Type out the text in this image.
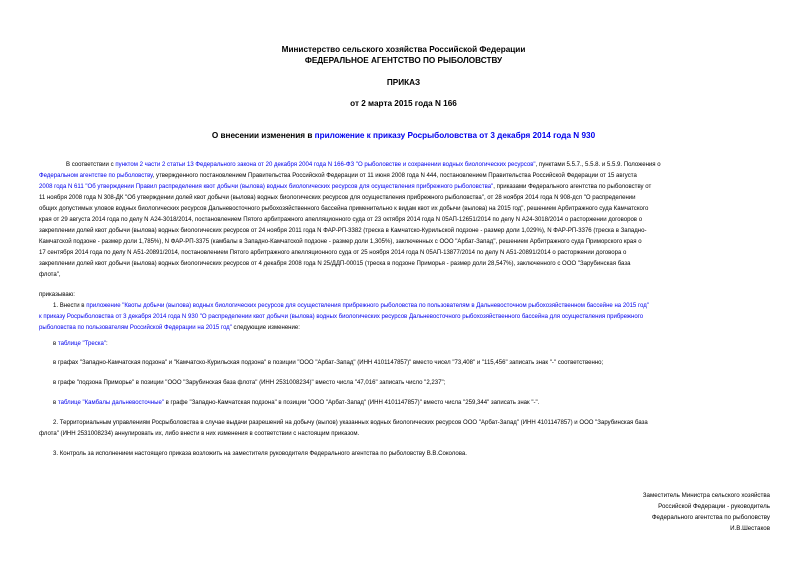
Министерство сельского хозяйства Российской Федерации
ФЕДЕРАЛЬНОЕ АГЕНТСТВО ПО РЫБОЛОВСТВУ
ПРИКАЗ
от 2 марта 2015 года N 166
О внесении изменения в приложение к приказу Росрыболовства от 3 декабря 2014 года N 930
В соответствии с пунктом 2 части 2 статьи 13 Федерального закона от 20 декабря 2004 года N 166-ФЗ "О рыболовстве и сохранении водных биологических ресурсов", пунктами 5.5.7., 5.5.8. и 5.5.9. Положения о
Федеральном агентстве по рыболовству, утвержденного постановлением Правительства Российской Федерации от 11 июня 2008 года N 444, постановлением Правительства Российской Федерации от 15 августа
2008 года N 611 "Об утверждении Правил распределения квот добычи (вылова) водных биологических ресурсов для осуществления прибрежного рыболовства", приказами Федерального агентства по рыболовству от
11 ноября 2008 года N 308-ДК "Об утверждении долей квот добычи (вылова) водных биологических ресурсов для осуществления прибрежного рыболовства", от 28 ноября 2014 года N 908-дсп "О распределении
общих допустимых уловов водных биологических ресурсов Дальневосточного рыбохозяйственного бассейна применительно к видам квот их добычи (вылова) на 2015 год", решением Арбитражного суда Камчатского
края от 29 августа 2014 года по делу N А24-3018/2014, постановлением Пятого арбитражного апелляционного суда от 23 октября 2014 года N 05АП-12651/2014 по делу N А24-3018/2014 о расторжении договоров о
закреплении долей квот добычи (вылова) водных биологических ресурсов от 24 ноября 2011 года N ФАР-РП-3382 (треска в Камчатско-Курильской подзоне - размер доли 1,029%), N ФАР-РП-3376 (треска в Западно-
Камчатской подзоне - размер доли 1,785%), N ФАР-РП-3375 (камбалы в Западно-Камчатской подзоне - размер доли 1,305%), заключенных с ООО "Арбат-Запад", решением Арбитражного суда Приморского края о
17 сентября 2014 года по делу N А51-20891/2014, постановлением Пятого арбитражного апелляционного суда от 25 ноября 2014 года N 05АП-13877/2014 по делу N А51-20891/2014 о расторжении договора о
закреплении долей квот добычи (вылова) водных биологических ресурсов от 4 декабря 2008 года N 25/ДДП-00015 (треска в подзоне Приморья - размер доли 28,547%), заключенного с ООО "Зарубинская база
флота",
приказываю:
1. Внести в приложение "Квоты добычи (вылова) водных биологических ресурсов для осуществления прибрежного рыболовства по пользователям в Дальневосточном рыбохозяйственном бассейне на 2015 год"
к приказу Росрыболовства от 3 декабря 2014 года N 930 "О распределении квот добычи (вылова) водных биологических ресурсов Дальневосточного рыбохозяйственного бассейна для осуществления прибрежного
рыболовства по пользователям Российской Федерации на 2015 год" следующие изменение:
в таблице "Треска":
в графах "Западно-Камчатская подзона" и "Камчатско-Курильская подзона" в позиции "ООО "Арбат-Запад" (ИНН 4101147857)" вместо чисел "73,408" и "115,456" записать знак "-" соответственно;
в графе "подзона Приморье" в позиции "ООО "Зарубинская база флота" (ИНН 2531008234)" вместо числа "47,016" записать число "2,237";
в таблице "Камбалы дальневосточные" в графе "Западно-Камчатская подзона" в позиции "ООО "Арбат-Запад" (ИНН 4101147857)" вместо числа "259,344" записать знак "-".
2. Территориальным управлениям Росрыболовства в случае выдачи разрешений на добычу (вылов) указанных водных биологических ресурсов ООО "Арбат-Запад" (ИНН 4101147857) и ООО "Зарубинская база
флота" (ИНН 2531008234) аннулировать их, либо внести в них изменения в соответствии с настоящим приказом.
3. Контроль за исполнением настоящего приказа возложить на заместителя руководителя Федерального агентства по рыболовству В.В.Соколова.
Заместитель Министра сельского хозяйства
Российской Федерации - руководитель
Федерального агентства по рыболовству
И.В.Шестаков
